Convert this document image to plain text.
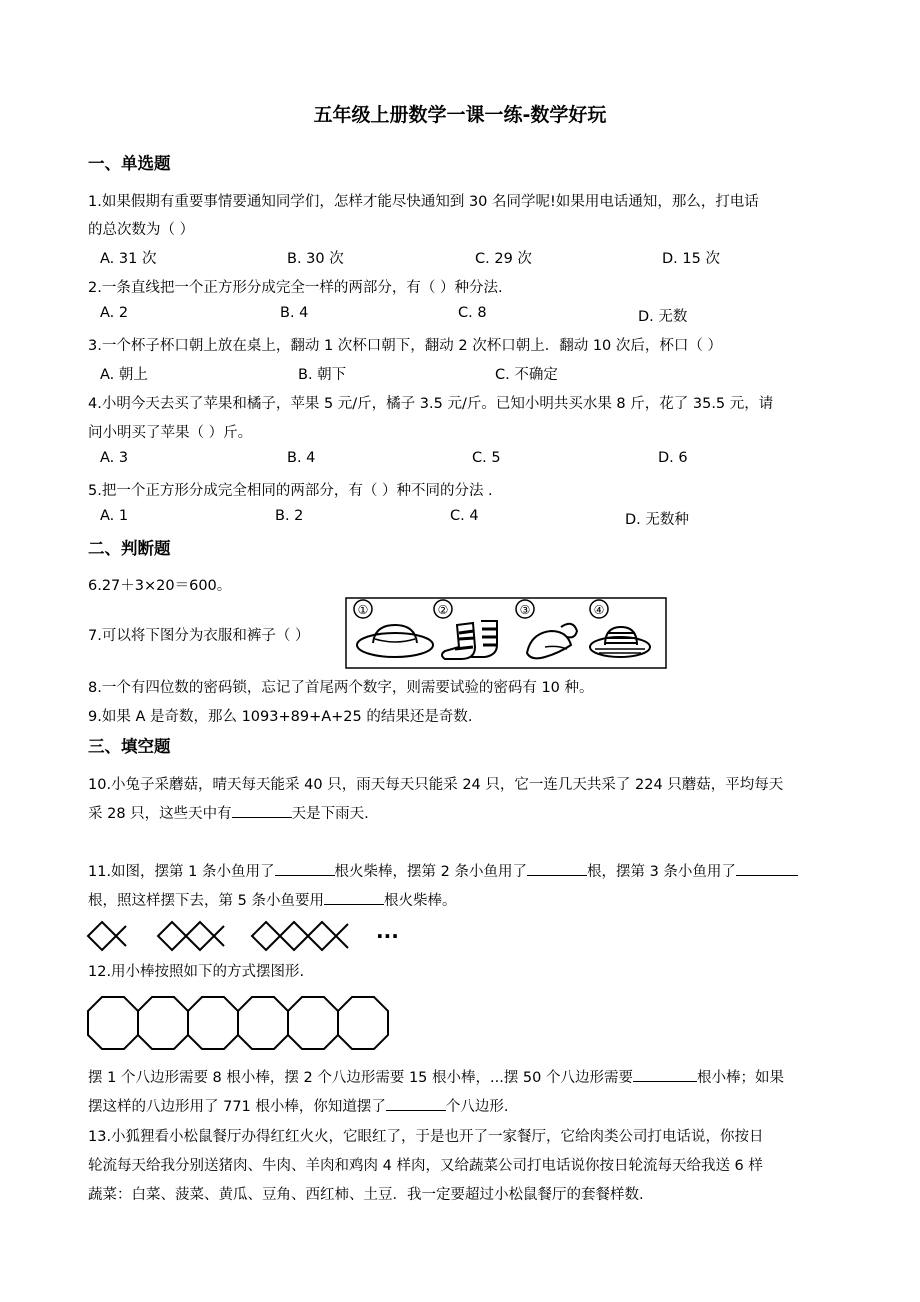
五年级上册数学一课一练-数学好玩
一、单选题
1.如果假期有重要事情要通知同学们，怎样才能尽快通知到 30 名同学呢!如果用电话通知，那么，打电话
的总次数为（ ）
A. 31 次	B. 30 次	C. 29 次	D. 15 次
2.一条直线把一个正方形分成完全一样的两部分，有（ ）种分法.
A. 2	B. 4	C. 8	D. 无数
3.一个杯子杯口朝上放在桌上，翻动 1 次杯口朝下，翻动 2 次杯口朝上．翻动 10 次后，杯口（ ）
A. 朝上	B. 朝下	C. 不确定
4.小明今天去买了苹果和橘子，苹果 5 元/斤，橘子 3.5 元/斤。已知小明共买水果 8 斤，花了 35.5 元，请
问小明买了苹果（ ）斤。
A. 3	B. 4	C. 5	D. 6
5.把一个正方形分成完全相同的两部分，有（ ）种不同的分法 .
A. 1	B. 2	C. 4	D. 无数种
二、判断题
6.27＋3×20＝600。
7.可以将下图分为衣服和裤子（ ）
①	②	③	④
8.一个有四位数的密码锁，忘记了首尾两个数字，则需要试验的密码有 10 种。
9.如果 A 是奇数，那么 1093+89+A+25 的结果还是奇数.
三、填空题
10.小兔子采蘑菇，晴天每天能采 40 只，雨天每天只能采 24 只，它一连几天共采了 224 只蘑菇，平均每天
采 28 只，这些天中有	天是下雨天.
11.如图，摆第 1 条小鱼用了	根火柴棒，摆第 2 条小鱼用了	根，摆第 3 条小鱼用了
根，照这样摆下去，第 5 条小鱼要用	根火柴棒。
···
12.用小棒按照如下的方式摆图形.
摆 1 个八边形需要 8 根小棒，摆 2 个八边形需要 15 根小棒，...摆 50 个八边形需要	根小棒；如果
摆这样的八边形用了 771 根小棒，你知道摆了	个八边形.
13.小狐狸看小松鼠餐厅办得红红火火，它眼红了，于是也开了一家餐厅，它给肉类公司打电话说，你按日
轮流每天给我分别送猪肉、牛肉、羊肉和鸡肉 4 样肉，又给蔬菜公司打电话说你按日轮流每天给我送 6 样
蔬菜：白菜、菠菜、黄瓜、豆角、西红柿、土豆．我一定要超过小松鼠餐厅的套餐样数.
